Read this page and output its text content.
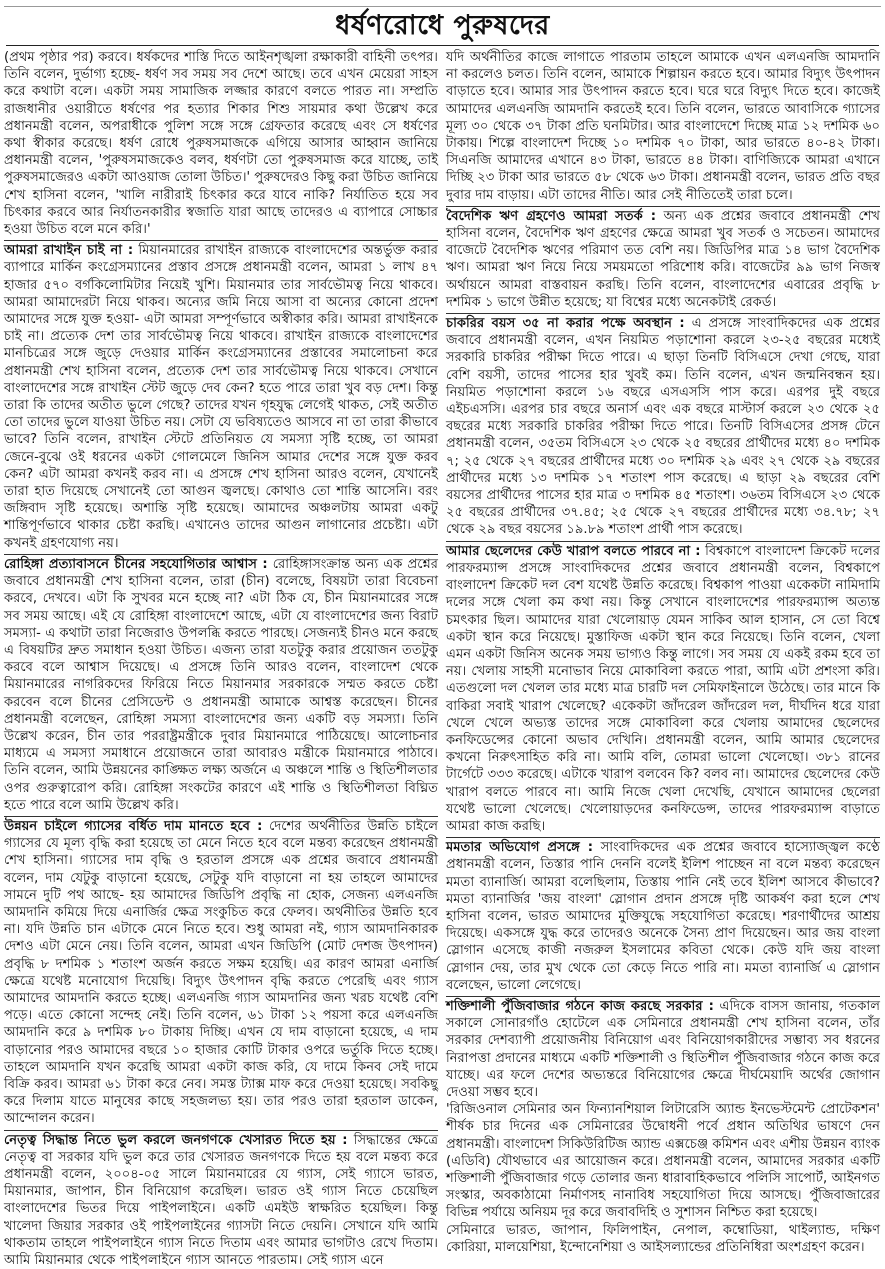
ধর্ষণরোধে পুরুষদের

(প্রথম পৃষ্ঠার পর) করবে। ধর্ষকদের শাস্তি দিতে আইনশৃঙ্খলা রক্ষাকারী বাহিনী তৎপর। তিনি বলেন, দুর্ভাগ্য হচ্ছে- ধর্ষণ সব সময় সব দেশে আছে। তবে এখন মেয়েরা সাহস করে কথাটা বলে। একটা সময় সামাজিক লজ্জার কারণে বলতে পারত না। সম্প্রতি রাজধানীর ওয়ারীতে ধর্ষণের পর হত্যার শিকার শিশু সায়মার কথা উল্লেখ করে প্রধানমন্ত্রী বলেন, অপরাধীকে পুলিশ সঙ্গে সঙ্গে গ্রেফতার করেছে এবং সে ধর্ষণের কথা স্বীকার করেছে। ধর্ষণ রোধে পুরুষসমাজকে এগিয়ে আসার আহ্বান জানিয়ে প্রধানমন্ত্রী বলেন, 'পুরুষসমাজকেও বলব, ধর্ষণটা তো পুরুষসমাজ করে যাচ্ছে, তাই পুরুষসমাজেরও একটা আওয়াজ তোলা উচিত।' পুরুষদেরও কিছু করা উচিত জানিয়ে শেখ হাসিনা বলেন, 'খালি নারীরাই চিৎকার করে যাবে নাকি? নির্যাতিত হয়ে সব চিৎকার করবে আর নির্যাতনকারীর স্বজাতি যারা আছে তাদেরও এ ব্যাপারে সোচ্চার হওয়া উচিত বলে মনে করি।'

আমরা রাখাইন চাই না : মিয়ানমারের রাখাইন রাজ্যকে বাংলাদেশের অন্তর্ভুক্ত করার ব্যাপারে মার্কিন কংগ্রেসম্যানের প্রস্তাব প্রসঙ্গে প্রধানমন্ত্রী বলেন, আমরা ১ লাখ ৪৭ হাজার ৫৭০ বর্গকিলোমিটার নিয়েই খুশি। মিয়ানমার তার সার্বভৌমত্ব নিয়ে থাকবে। আমরা আমাদেরটা নিয়ে থাকব। অন্যের জমি নিয়ে আসা বা অন্যের কোনো প্রদেশ আমাদের সঙ্গে যুক্ত হওয়া- এটা আমরা সম্পূর্ণভাবে অস্বীকার করি। আমরা রাখাইনকে চাই না। প্রত্যেক দেশ তার সার্বভৌমত্ব নিয়ে থাকবে। রাখাইন রাজ্যকে বাংলাদেশের মানচিত্রের সঙ্গে জুড়ে দেওয়ার মার্কিন কংগ্রেসম্যানের প্রস্তাবের সমালোচনা করে প্রধানমন্ত্রী শেখ হাসিনা বলেন, প্রত্যেক দেশ তার সার্বভৌমত্ব নিয়ে থাকবে। সেখানে বাংলাদেশের সঙ্গে রাখাইন স্টেট জুড়ে দেব কেন? হতে পারে তারা খুব বড় দেশ। কিন্তু তারা কি তাদের অতীত ভুলে গেছে? তাদের যখন গৃহযুদ্ধ লেগেই থাকত, সেই অতীত তো তাদের ভুলে যাওয়া উচিত নয়। সেটা যে ভবিষ্যতেও আসবে না তা তারা কীভাবে ভাবে? তিনি বলেন, রাখাইন স্টেটে প্রতিনিয়ত যে সমস্যা সৃষ্টি হচ্ছে, তা আমরা জেনে-বুঝে ওই ধরনের একটা গোলমেলে জিনিস আমার দেশের সঙ্গে যুক্ত করব কেন? এটা আমরা কখনই করব না। এ প্রসঙ্গে শেখ হাসিনা আরও বলেন, যেখানেই তারা হাত দিয়েছে সেখানেই তো আগুন জ্বলছে। কোথাও তো শান্তি আসেনি। বরং জঙ্গিবাদ সৃষ্টি হয়েছে। অশান্তি সৃষ্টি হয়েছে। আমাদের অঞ্চলটায় আমরা একটু শান্তিপূর্ণভাবে থাকার চেষ্টা করছি। এখানেও তাদের আগুন লাগানোর প্রচেষ্টা। এটা কখনই গ্রহণযোগ্য নয়।

রোহিঙ্গা প্রত্যাবাসনে চীনের সহযোগিতার আশ্বাস : রোহিঙ্গাসংক্রান্ত অন্য এক প্রশ্নের জবাবে প্রধানমন্ত্রী শেখ হাসিনা বলেন, তারা (চীন) বলেছে, বিষয়টা তারা বিবেচনা করবে, দেখবে। এটা কি সুখবর মনে হচ্ছে না? এটা ঠিক যে, চীন মিয়ানমারের সঙ্গে সব সময় আছে। এই যে রোহিঙ্গা বাংলাদেশে আছে, এটা যে বাংলাদেশের জন্য বিরাট সমস্যা- এ কথাটা তারা নিজেরাও উপলব্ধি করতে পারছে। সেজন্যই চীনও মনে করছে এ বিষয়টির দ্রুত সমাধান হওয়া উচিত। এজন্য তারা যতটুকু করার প্রয়োজন ততটুকু করবে বলে আশ্বাস দিয়েছে। এ প্রসঙ্গে তিনি আরও বলেন, বাংলাদেশ থেকে মিয়ানমারের নাগরিকদের ফিরিয়ে নিতে মিয়ানমার সরকারকে সম্মত করতে চেষ্টা করবেন বলে চীনের প্রেসিডেন্ট ও প্রধানমন্ত্রী আমাকে আশ্বস্ত করেছেন। চীনের প্রধানমন্ত্রী বলেছেন, রোহিঙ্গা সমস্যা বাংলাদেশের জন্য একটি বড় সমস্যা। তিনি উল্লেখ করেন, চীন তার পররাষ্ট্রমন্ত্রীকে দুবার মিয়ানমারে পাঠিয়েছে। আলোচনার মাধ্যমে এ সমস্যা সমাধানে প্রয়োজনে তারা আবারও মন্ত্রীকে মিয়ানমারে পাঠাবে। তিনি বলেন, আমি উন্নয়নের কাঙ্ক্ষিত লক্ষ্য অর্জনে এ অঞ্চলে শান্তি ও স্থিতিশীলতার ওপর গুরুত্বারোপ করি। রোহিঙ্গা সংকটের কারণে এই শান্তি ও স্থিতিশীলতা বিঘ্নিত হতে পারে বলে আমি উল্লেখ করি।

উন্নয়ন চাইলে গ্যাসের বর্ধিত দাম মানতে হবে : দেশের অর্থনীতির উন্নতি চাইলে গ্যাসের যে মূল্য বৃদ্ধি করা হয়েছে তা মেনে নিতে হবে বলে মন্তব্য করেছেন প্রধানমন্ত্রী শেখ হাসিনা। গ্যাসের দাম বৃদ্ধি ও হরতাল প্রসঙ্গে এক প্রশ্নের জবাবে প্রধানমন্ত্রী বলেন, দাম যেটুকু বাড়ানো হয়েছে, সেটুকু যদি বাড়ানো না হয় তাহলে আমাদের সামনে দুটি পথ আছে- হয় আমাদের জিডিপি প্রবৃদ্ধি না হোক, সেজন্য এলএনজি আমদানি কমিয়ে দিয়ে এনার্জির ক্ষেত্র সংকুচিত করে ফেলব। অর্থনীতির উন্নতি হবে না। যদি উন্নতি চান এটাকে মেনে নিতে হবে। শুধু আমরা নই, গ্যাস আমদানিকারক দেশও এটা মেনে নেয়। তিনি বলেন, আমরা এখন জিডিপি (মোট দেশজ উৎপাদন) প্রবৃদ্ধি ৮ দশমিক ১ শতাংশ অর্জন করতে সক্ষম হয়েছি। এর কারণ আমরা এনার্জি ক্ষেত্রে যথেষ্ট মনোযোগ দিয়েছি। বিদ্যুৎ উৎপাদন বৃদ্ধি করতে পেরেছি এবং গ্যাস আমাদের আমদানি করতে হচ্ছে। এলএনজি গ্যাস আমদানির জন্য খরচ যথেষ্ট বেশি পড়ে। এতে কোনো সন্দেহ নেই। তিনি বলেন, ৬১ টাকা ১২ পয়সা করে এলএনজি আমদানি করে ৯ দশমিক ৮০ টাকায় দিচ্ছি। এখন যে দাম বাড়ানো হয়েছে, এ দাম বাড়ানোর পরও আমাদের বছরে ১০ হাজার কোটি টাকার ওপরে ভর্তুকি দিতে হচ্ছে। তাহলে আমদানি যখন করেছি আমরা একটা কাজ করি, যে দামে কিনব সেই দামে বিক্রি করব। আমরা ৬১ টাকা করে নেব। সমস্ত ট্যাক্স মাফ করে দেওয়া হয়েছে। সবকিছু করে দিলাম যাতে মানুষের কাছে সহজলভ্য হয়। তার পরও তারা হরতাল ডাকেন, আন্দোলন করেন।

নেতৃত্ব সিদ্ধান্ত নিতে ভুল করলে জনগণকে খেসারত দিতে হয় : সিদ্ধান্তের ক্ষেত্রে নেতৃত্ব বা সরকার যদি ভুল করে তার খেসারত জনগণকে দিতে হয় বলে মন্তব্য করে প্রধানমন্ত্রী বলেন, ২০০৪-০৫ সালে মিয়ানমারের যে গ্যাস, সেই গ্যাসে ভারত, মিয়ানমার, জাপান, চীন বিনিয়োগ করেছিল। ভারত ওই গ্যাস নিতে চেয়েছিল বাংলাদেশের ভিতর দিয়ে পাইপলাইনে। একটি এমইউ স্বাক্ষরিত হয়েছিল। কিন্তু খালেদা জিয়ার সরকার ওই পাইপলাইনের গ্যাসটা নিতে দেয়নি। সেখানে যদি আমি থাকতাম তাহলে পাইপলাইনে গ্যাস নিতে দিতাম এবং আমার ভাগটাও রেখে দিতাম। আমি মিয়ানমার থেকে পাইপলাইনে গ্যাস আনতে পারতাম। সেই গ্যাস এনে

যদি অর্থনীতির কাজে লাগাতে পারতাম তাহলে আমাকে এখন এলএনজি আমদানি না করলেও চলত। তিনি বলেন, আমাকে শিল্পায়ন করতে হবে। আমার বিদ্যুৎ উৎপাদন বাড়াতে হবে। আমার সার উৎপাদন করতে হবে। ঘরে ঘরে বিদ্যুৎ দিতে হবে। কাজেই আমাদের এলএনজি আমদানি করতেই হবে। তিনি বলেন, ভারতে আবাসিকে গ্যাসের মূল্য ৩০ থেকে ৩৭ টাকা প্রতি ঘনমিটার। আর বাংলাদেশে দিচ্ছে মাত্র ১২ দশমিক ৬০ টাকায়। শিল্পে বাংলাদেশ দিচ্ছে ১০ দশমিক ৭০ টাকা, আর ভারতে ৪০-৪২ টাকা। সিএনজি আমাদের এখানে ৪৩ টাকা, ভারতে ৪৪ টাকা। বাণিজ্যিকে আমরা এখানে দিচ্ছি ২৩ টাকা আর ভারতে ৫৮ থেকে ৬৩ টাকা। প্রধানমন্ত্রী বলেন, ভারত প্রতি বছর দুবার দাম বাড়ায়। এটা তাদের নীতি। আর সেই নীতিতেই তারা চলে।

বৈদেশিক ঋণ গ্রহণেও আমরা সতর্ক : অন্য এক প্রশ্নের জবাবে প্রধানমন্ত্রী শেখ হাসিনা বলেন, বৈদেশিক ঋণ গ্রহণের ক্ষেত্রে আমরা খুব সতর্ক ও সচেতন। আমাদের বাজেটে বৈদেশিক ঋণের পরিমাণ তত বেশি নয়। জিডিপির মাত্র ১৪ ভাগ বৈদেশিক ঋণ। আমরা ঋণ নিয়ে নিয়ে সময়মতো পরিশোধ করি। বাজেটের ৯৯ ভাগ নিজস্ব অর্থায়নে আমরা বাস্তবায়ন করছি। তিনি বলেন, বাংলাদেশের এবারের প্রবৃদ্ধি ৮ দশমিক ১ ভাগে উন্নীত হয়েছে; যা বিশ্বের মধ্যে অনেকটাই রেকর্ড।

চাকরির বয়স ৩৫ না করার পক্ষে অবস্থান : এ প্রসঙ্গে সাংবাদিকদের এক প্রশ্নের জবাবে প্রধানমন্ত্রী বলেন, এখন নিয়মিত পড়াশোনা করলে ২৩-২৫ বছরের মধ্যেই সরকারি চাকরির পরীক্ষা দিতে পারে। এ ছাড়া তিনটি বিসিএসে দেখা গেছে, যারা বেশি বয়সী, তাদের পাসের হার খুবই কম। তিনি বলেন, এখন জন্মনিবন্ধন হয়। নিয়মিত পড়াশোনা করলে ১৬ বছরে এসএসসি পাস করে। এরপর দুই বছরে এইচএসসি। এরপর চার বছরে অনার্স এবং এক বছরে মাস্টার্স করলে ২৩ থেকে ২৫ বছরের মধ্যে সরকারি চাকরির পরীক্ষা দিতে পারে। তিনটি বিসিএসের প্রসঙ্গ টেনে প্রধানমন্ত্রী বলেন, ৩৫তম বিসিএসে ২৩ থেকে ২৫ বছরের প্রার্থীদের মধ্যে ৪০ দশমিক ৭; ২৫ থেকে ২৭ বছরের প্রার্থীদের মধ্যে ৩০ দশমিক ২৯ এবং ২৭ থেকে ২৯ বছরের প্রার্থীদের মধ্যে ১৩ দশমিক ১৭ শতাংশ পাস করেছে। এ ছাড়া ২৯ বছরের বেশি বয়সের প্রার্থীদের পাসের হার মাত্র ৩ দশমিক ৪৫ শতাংশ। ৩৬তম বিসিএসে ২৩ থেকে ২৫ বছরের প্রার্থীদের ৩৭.৪৫; ২৫ থেকে ২৭ বছরের প্রার্থীদের মধ্যে ৩৪.৭৮; ২৭ থেকে ২৯ বছর বয়সের ১৯.৮৯ শতাংশ প্রার্থী পাস করেছে।

আমার ছেলেদের কেউ খারাপ বলতে পারবে না : বিশ্বকাপে বাংলাদেশ ক্রিকেট দলের পারফরম্যান্স প্রসঙ্গে সাংবাদিকদের প্রশ্নের জবাবে প্রধানমন্ত্রী বলেন, বিশ্বকাপে বাংলাদেশ ক্রিকেট দল বেশ যথেষ্ট উন্নতি করেছে। বিশ্বকাপ পাওয়া একেকটা নামিদামি দলের সঙ্গে খেলা কম কথা নয়। কিন্তু সেখানে বাংলাদেশের পারফরম্যান্স অত্যন্ত চমৎকার ছিল। আমাদের যারা খেলোয়াড় যেমন সাকিব আল হাসান, সে তো বিশ্বে একটা স্থান করে নিয়েছে। মুস্তাফিজ একটা স্থান করে নিয়েছে। তিনি বলেন, খেলা এমন একটা জিনিস অনেক সময় ভাগ্যও কিন্তু লাগে। সব সময় যে একই রকম হবে তা নয়। খেলায় সাহসী মনোভাব নিয়ে মোকাবিলা করতে পারা, আমি এটা প্রশংসা করি। এতগুলো দল খেলল তার মধ্যে মাত্র চারটি দল সেমিফাইনালে উঠেছে। তার মানে কি বাকিরা সবাই খারাপ খেলেছে? একেকটা জাঁদরেল জাঁদরেল দল, দীর্ঘদিন ধরে যারা খেলে খেলে অভ্যস্ত তাদের সঙ্গে মোকাবিলা করে খেলায় আমাদের ছেলেদের কনফিডেন্সের কোনো অভাব দেখিনি। প্রধানমন্ত্রী বলেন, আমি আমার ছেলেদের কখনো নিরুৎসাহিত করি না। আমি বলি, তোমরা ভালো খেলেছো। ৩৮১ রানের টার্গেটে ৩৩৩ করেছে। এটাকে খারাপ বলবেন কি? বলব না। আমাদের ছেলেদের কেউ খারাপ বলতে পারবে না। আমি নিজে খেলা দেখেছি, যেখানে আমাদের ছেলেরা যথেষ্ট ভালো খেলেছে। খেলোয়াড়দের কনফিডেন্স, তাদের পারফরম্যান্স বাড়াতে আমরা কাজ করছি।

মমতার অভিযোগ প্রসঙ্গে : সাংবাদিকদের এক প্রশ্নের জবাবে হাস্যোজ্জ্বল কণ্ঠে প্রধানমন্ত্রী বলেন, তিস্তার পানি দেননি বলেই ইলিশ পাচ্ছেন না বলে মন্তব্য করেছেন মমতা ব্যানার্জি। আমরা বলেছিলাম, তিস্তায় পানি নেই তবে ইলিশ আসবে কীভাবে? মমতা ব্যানার্জির 'জয় বাংলা' স্লোগান প্রদান প্রসঙ্গে দৃষ্টি আকর্ষণ করা হলে শেখ হাসিনা বলেন, ভারত আমাদের মুক্তিযুদ্ধে সহযোগিতা করেছে। শরণার্থীদের আশ্রয় দিয়েছে। একসঙ্গে যুদ্ধ করে তাদেরও অনেকে সৈন্য প্রাণ দিয়েছেন। আর জয় বাংলা স্লোগান এসেছে কাজী নজরুল ইসলামের কবিতা থেকে। কেউ যদি জয় বাংলা স্লোগান দেয়, তার মুখ থেকে তো কেড়ে নিতে পারি না। মমতা ব্যানার্জি এ স্লোগান বলেছেন, ভালো লেগেছে।

শক্তিশালী পুঁজিবাজার গঠনে কাজ করছে সরকার : এদিকে বাসস জানায়, গতকাল সকালে সোনারগাঁও হোটেলে এক সেমিনারে প্রধানমন্ত্রী শেখ হাসিনা বলেন, তাঁর সরকার দেশব্যাপী প্রয়োজনীয় বিনিয়োগ এবং বিনিয়োগকারীদের সম্ভাব্য সব ধরনের নিরাপত্তা প্রদানের মাধ্যমে একটি শক্তিশালী ও স্থিতিশীল পুঁজিবাজার গঠনে কাজ করে যাচ্ছে। এর ফলে দেশের অভ্যন্তরে বিনিয়োগের ক্ষেত্রে দীর্ঘমেয়াদি অর্থের জোগান দেওয়া সম্ভব হবে।

'রিজিওনাল সেমিনার অন ফিন্যানশিয়াল লিটারেসি অ্যান্ড ইনভেস্টমেন্ট প্রোটেকশন' শীর্ষক চার দিনের এক সেমিনারের উদ্বোধনী পর্বে প্রধান অতিথির ভাষণে দেন প্রধানমন্ত্রী। বাংলাদেশ সিকিউরিটিজ অ্যান্ড এক্সচেঞ্জ কমিশন এবং এশীয় উন্নয়ন ব্যাংক (এডিবি) যৌথভাবে এর আয়োজন করে। প্রধানমন্ত্রী বলেন, আমাদের সরকার একটি শক্তিশালী পুঁজিবাজার গড়ে তোলার জন্য ধারাবাহিকভাবে পলিসি সাপোর্ট, আইনগত সংস্কার, অবকাঠামো নির্মাণসহ নানাবিধ সহযোগিতা দিয়ে আসছে। পুঁজিবাজারের বিভিন্ন পর্যায়ে অনিয়ম দূর করে জবাবদিহি ও সুশাসন নিশ্চিত করা হয়েছে।

সেমিনারে ভারত, জাপান, ফিলিপাইন, নেপাল, কম্বোডিয়া, থাইল্যান্ড, দক্ষিণ কোরিয়া, মালয়েশিয়া, ইন্দোনেশিয়া ও আইসল্যান্ডের প্রতিনিধিরা অংশগ্রহণ করেন।
